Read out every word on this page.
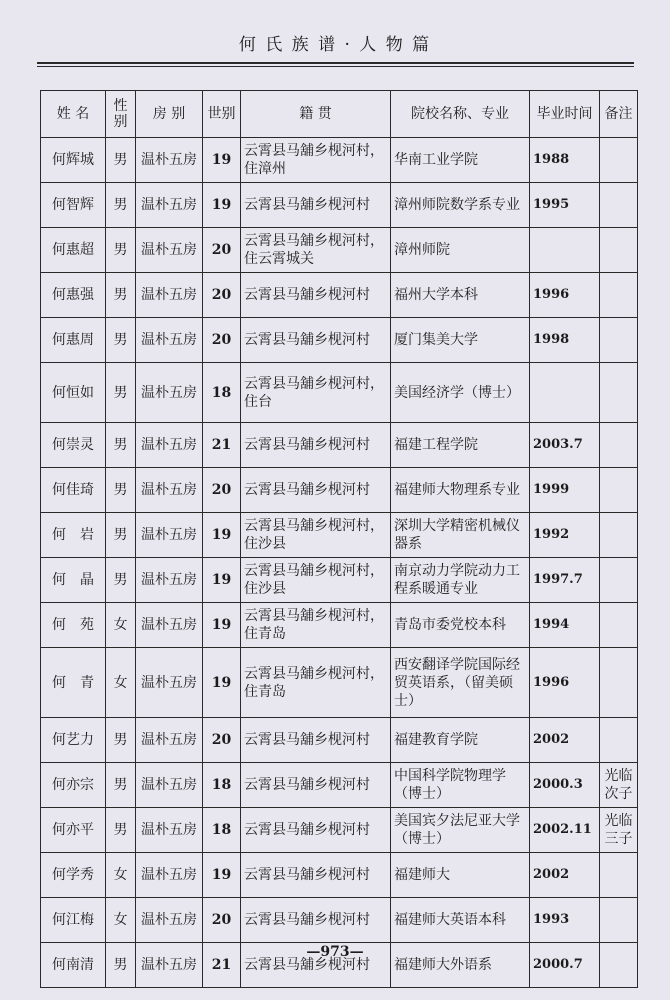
何 氏 族 谱 · 人 物 篇
姓 名	性别	房 别	世别	籍 贯	院校名称、专业	毕业时间	备注
何辉城	男	温朴五房	19	云霄县马舖乡枧河村，住漳州	华南工业学院	1988	
何智辉	男	温朴五房	19	云霄县马舖乡枧河村	漳州师院数学系专业	1995	
何惠超	男	温朴五房	20	云霄县马舖乡枧河村，住云霄城关	漳州师院		
何惠强	男	温朴五房	20	云霄县马舖乡枧河村	福州大学本科	1996	
何惠周	男	温朴五房	20	云霄县马舖乡枧河村	厦门集美大学	1998	
何恒如	男	温朴五房	18	云霄县马舖乡枧河村，住台	美国经济学（博士）		
何崇灵	男	温朴五房	21	云霄县马舖乡枧河村	福建工程学院	2003.7	
何佳琦	男	温朴五房	20	云霄县马舖乡枧河村	福建师大物理系专业	1999	
何　岩	男	温朴五房	19	云霄县马舖乡枧河村，住沙县	深圳大学精密机械仪器系	1992	
何　晶	男	温朴五房	19	云霄县马舖乡枧河村，住沙县	南京动力学院动力工程系暖通专业	1997.7	
何　苑	女	温朴五房	19	云霄县马舖乡枧河村，住青岛	青岛市委党校本科	1994	
何　青	女	温朴五房	19	云霄县马舖乡枧河村，住青岛	西安翻译学院国际经贸英语系，（留美硕士）	1996	
何艺力	男	温朴五房	20	云霄县马舖乡枧河村	福建教育学院	2002	
何亦宗	男	温朴五房	18	云霄县马舖乡枧河村	中国科学院物理学（博士）	2000.3	光临次子
何亦平	男	温朴五房	18	云霄县马舖乡枧河村	美国宾夕法尼亚大学（博士）	2002.11	光临三子
何学秀	女	温朴五房	19	云霄县马舖乡枧河村	福建师大	2002	
何江梅	女	温朴五房	20	云霄县马舖乡枧河村	福建师大英语本科	1993	
何南清	男	温朴五房	21	云霄县马舖乡枧河村	福建师大外语系	2000.7	
—973—
